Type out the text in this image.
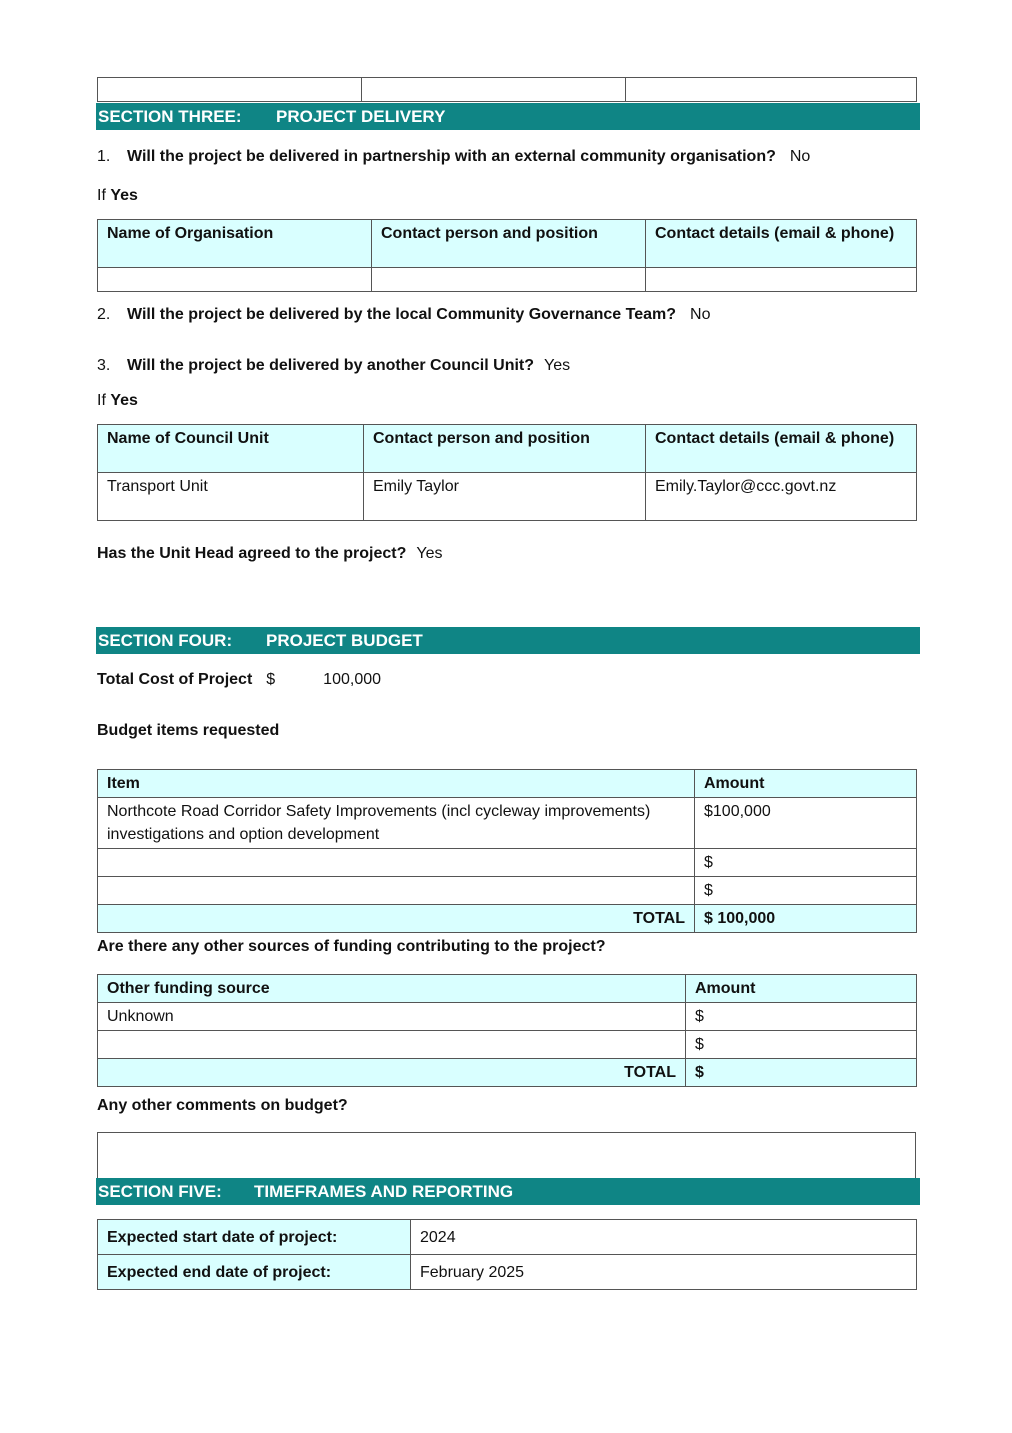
SECTION THREE: PROJECT DELIVERY
1. Will the project be delivered in partnership with an external community organisation? No
If Yes
Name of Organisation	Contact person and position	Contact details (email & phone)

2. Will the project be delivered by the local Community Governance Team? No
3. Will the project be delivered by another Council Unit? Yes
If Yes
Name of Council Unit	Contact person and position	Contact details (email & phone)
Transport Unit	Emily Taylor	Emily.Taylor@ccc.govt.nz
Has the Unit Head agreed to the project? Yes
SECTION FOUR: PROJECT BUDGET
Total Cost of Project $	100,000
Budget items requested
Item	Amount
Northcote Road Corridor Safety Improvements (incl cycleway improvements) investigations and option development	$100,000
	$
	$
TOTAL	$ 100,000
Are there any other sources of funding contributing to the project?
Other funding source	Amount
Unknown	$
	$
TOTAL	$
Any other comments on budget?
SECTION FIVE: TIMEFRAMES AND REPORTING
Expected start date of project:	2024
Expected end date of project:	February 2025
